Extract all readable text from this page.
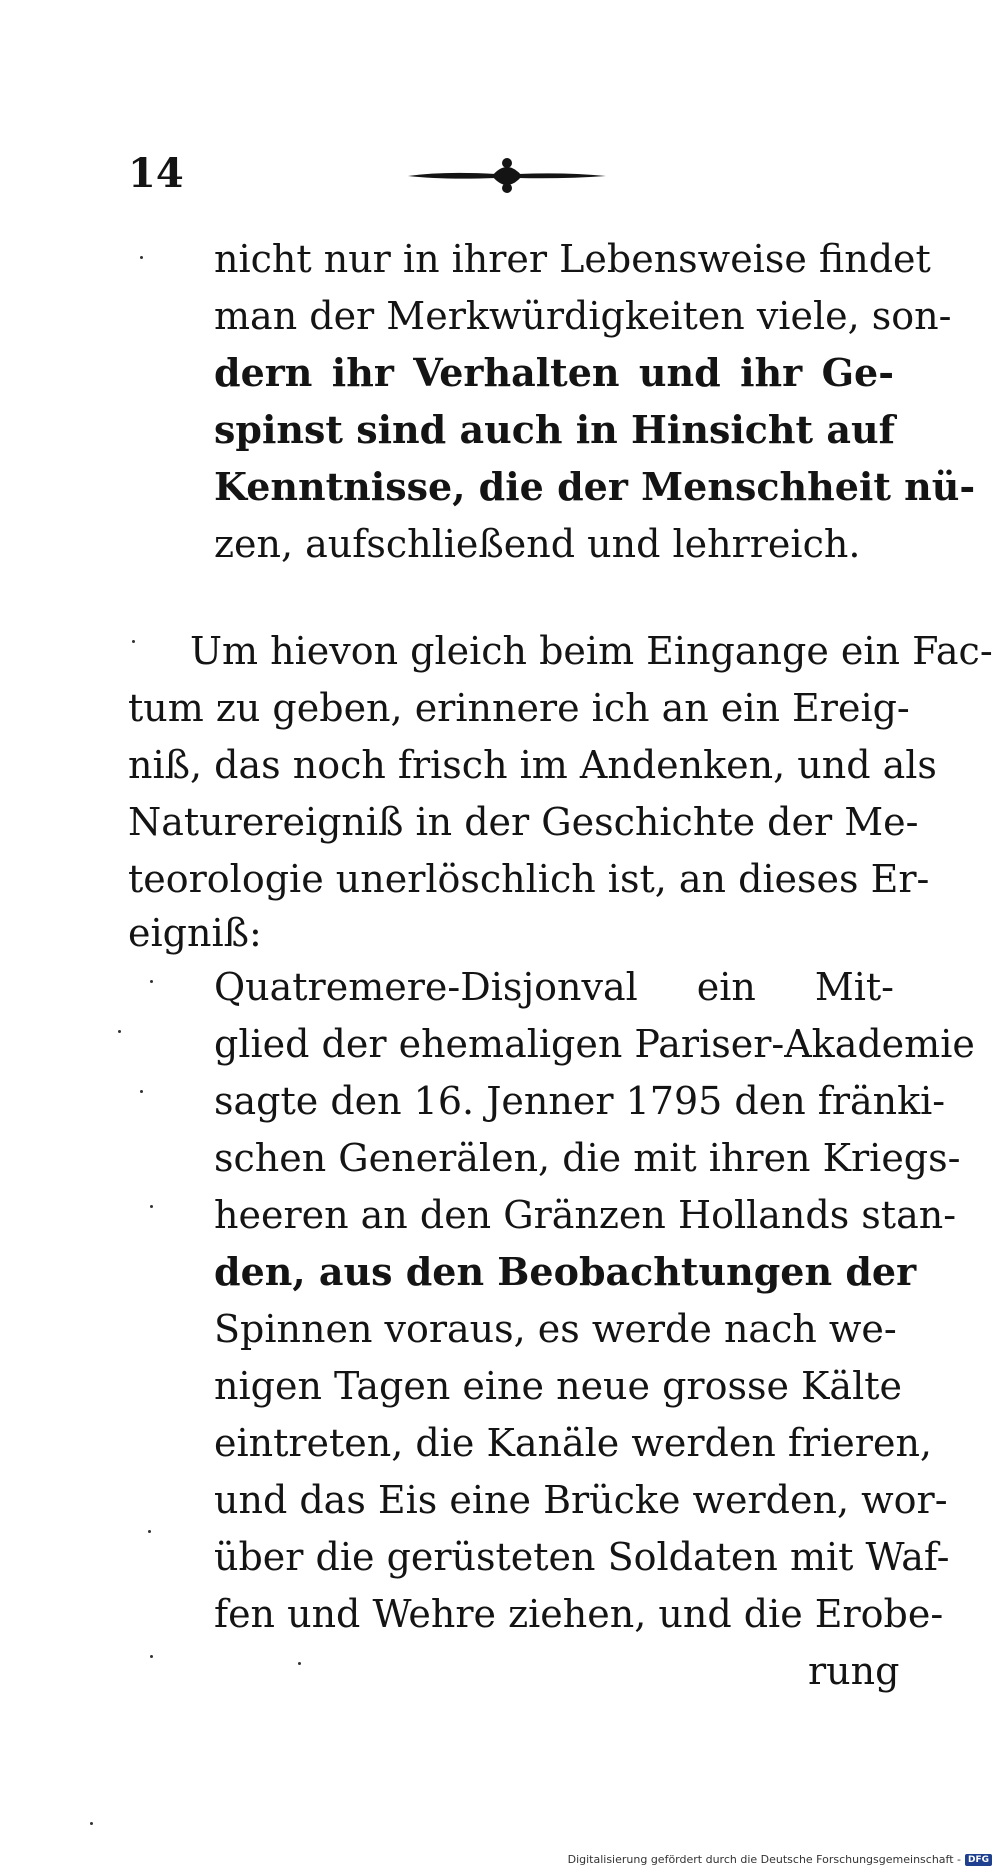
14
nicht nur in ihrer Lebensweise findet
man der Merkwürdigkeiten viele, son-
dern ihr Verhalten und ihr Ge-
spinst sind auch in Hinsicht auf
Kenntnisse, die der Menschheit nü-
zen, aufschließend und lehrreich.
Um hievon gleich beim Eingange ein Fac-
tum zu geben, erinnere ich an ein Ereig-
niß, das noch frisch im Andenken, und als
Naturereigniß in der Geschichte der Me-
teorologie unerlöschlich ist, an dieses Er-
eigniß:
Quatremere-Disjonval ein Mit-
glied der ehemaligen Pariser-Akademie
sagte den 16. Jenner 1795 den fränki-
schen Generälen, die mit ihren Kriegs-
heeren an den Gränzen Hollands stan-
den, aus den Beobachtungen der
Spinnen voraus, es werde nach we-
nigen Tagen eine neue grosse Kälte
eintreten, die Kanäle werden frieren,
und das Eis eine Brücke werden, wor-
über die gerüsteten Soldaten mit Waf-
fen und Wehre ziehen, und die Erobe-
rung
Digitalisierung gefördert durch die Deutsche Forschungsgemeinschaft - DFG
